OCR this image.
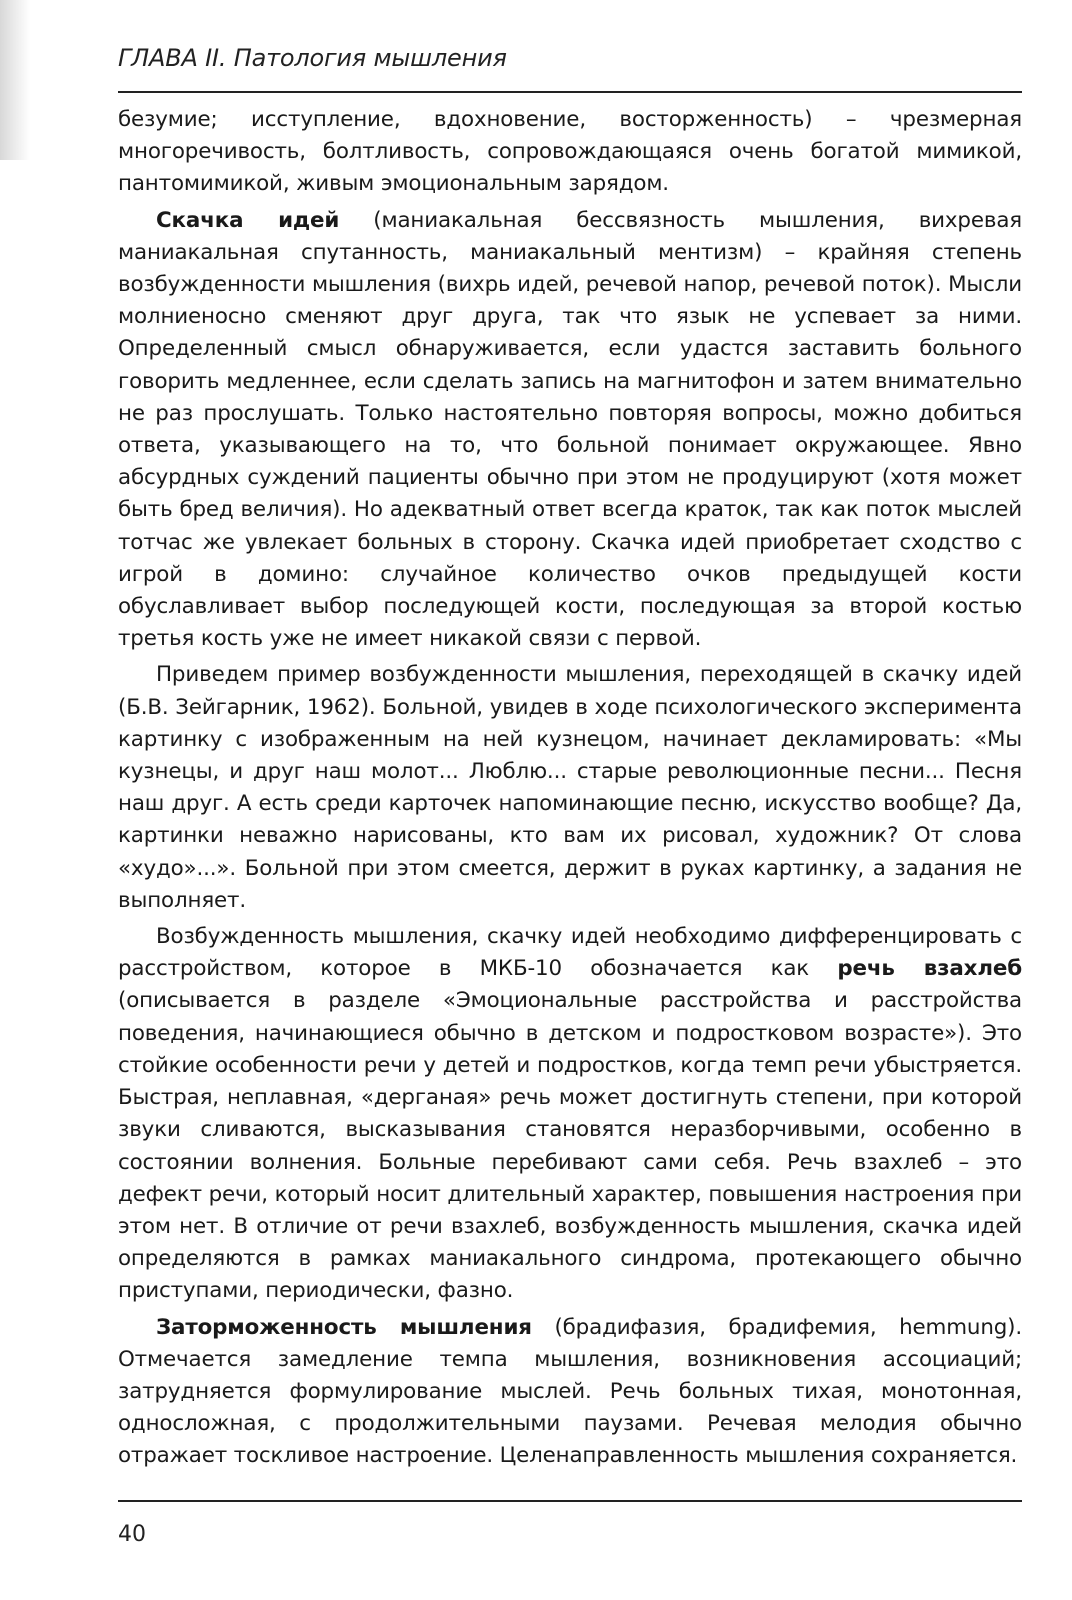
ГЛАВА II. Патология мышления

безумие; исступление, вдохновение, восторженность) – чрезмерная многоречивость, болтливость, сопровождающаяся очень богатой мимикой, пантомимикой, живым эмоциональным зарядом.

Скачка идей (маниакальная бессвязность мышления, вихревая маниакальная спутанность, маниакальный ментизм) – крайняя степень возбужденности мышления (вихрь идей, речевой напор, речевой поток). Мысли молниеносно сменяют друг друга, так что язык не успевает за ними. Определенный смысл обнаруживается, если удастся заставить больного говорить медленнее, если сделать запись на магнитофон и затем внимательно не раз прослушать. Только настоятельно повторяя вопросы, можно добиться ответа, указывающего на то, что больной понимает окружающее. Явно абсурдных суждений пациенты обычно при этом не продуцируют (хотя может быть бред величия). Но адекватный ответ всегда краток, так как поток мыслей тотчас же увлекает больных в сторону. Скачка идей приобретает сходство с игрой в домино: случайное количество очков предыдущей кости обуславливает выбор последующей кости, последующая за второй костью третья кость уже не имеет никакой связи с первой.

Приведем пример возбужденности мышления, переходящей в скачку идей (Б.В. Зейгарник, 1962). Больной, увидев в ходе психологического эксперимента картинку с изображенным на ней кузнецом, начинает декламировать: «Мы кузнецы, и друг наш молот... Люблю... старые революционные песни... Песня наш друг. А есть среди карточек напоминающие песню, искусство вообще? Да, картинки неважно нарисованы, кто вам их рисовал, художник? От слова «худо»...». Больной при этом смеется, держит в руках картинку, а задания не выполняет.

Возбужденность мышления, скачку идей необходимо дифференцировать с расстройством, которое в МКБ-10 обозначается как речь взахлеб (описывается в разделе «Эмоциональные расстройства и расстройства поведения, начинающиеся обычно в детском и подростковом возрасте»). Это стойкие особенности речи у детей и подростков, когда темп речи убыстряется. Быстрая, неплавная, «дерганая» речь может достигнуть степени, при которой звуки сливаются, высказывания становятся неразборчивыми, особенно в состоянии волнения. Больные перебивают сами себя. Речь взахлеб – это дефект речи, который носит длительный характер, повышения настроения при этом нет. В отличие от речи взахлеб, возбужденность мышления, скачка идей определяются в рамках маниакального синдрома, протекающего обычно приступами, периодически, фазно.

Заторможенность мышления (брадифазия, брадифемия, hemmung). Отмечается замедление темпа мышления, возникновения ассоциаций; затрудняется формулирование мыслей. Речь больных тихая, монотонная, односложная, с продолжительными паузами. Речевая мелодия обычно отражает тоскливое настроение. Целенаправленность мышления сохраняется.

40
